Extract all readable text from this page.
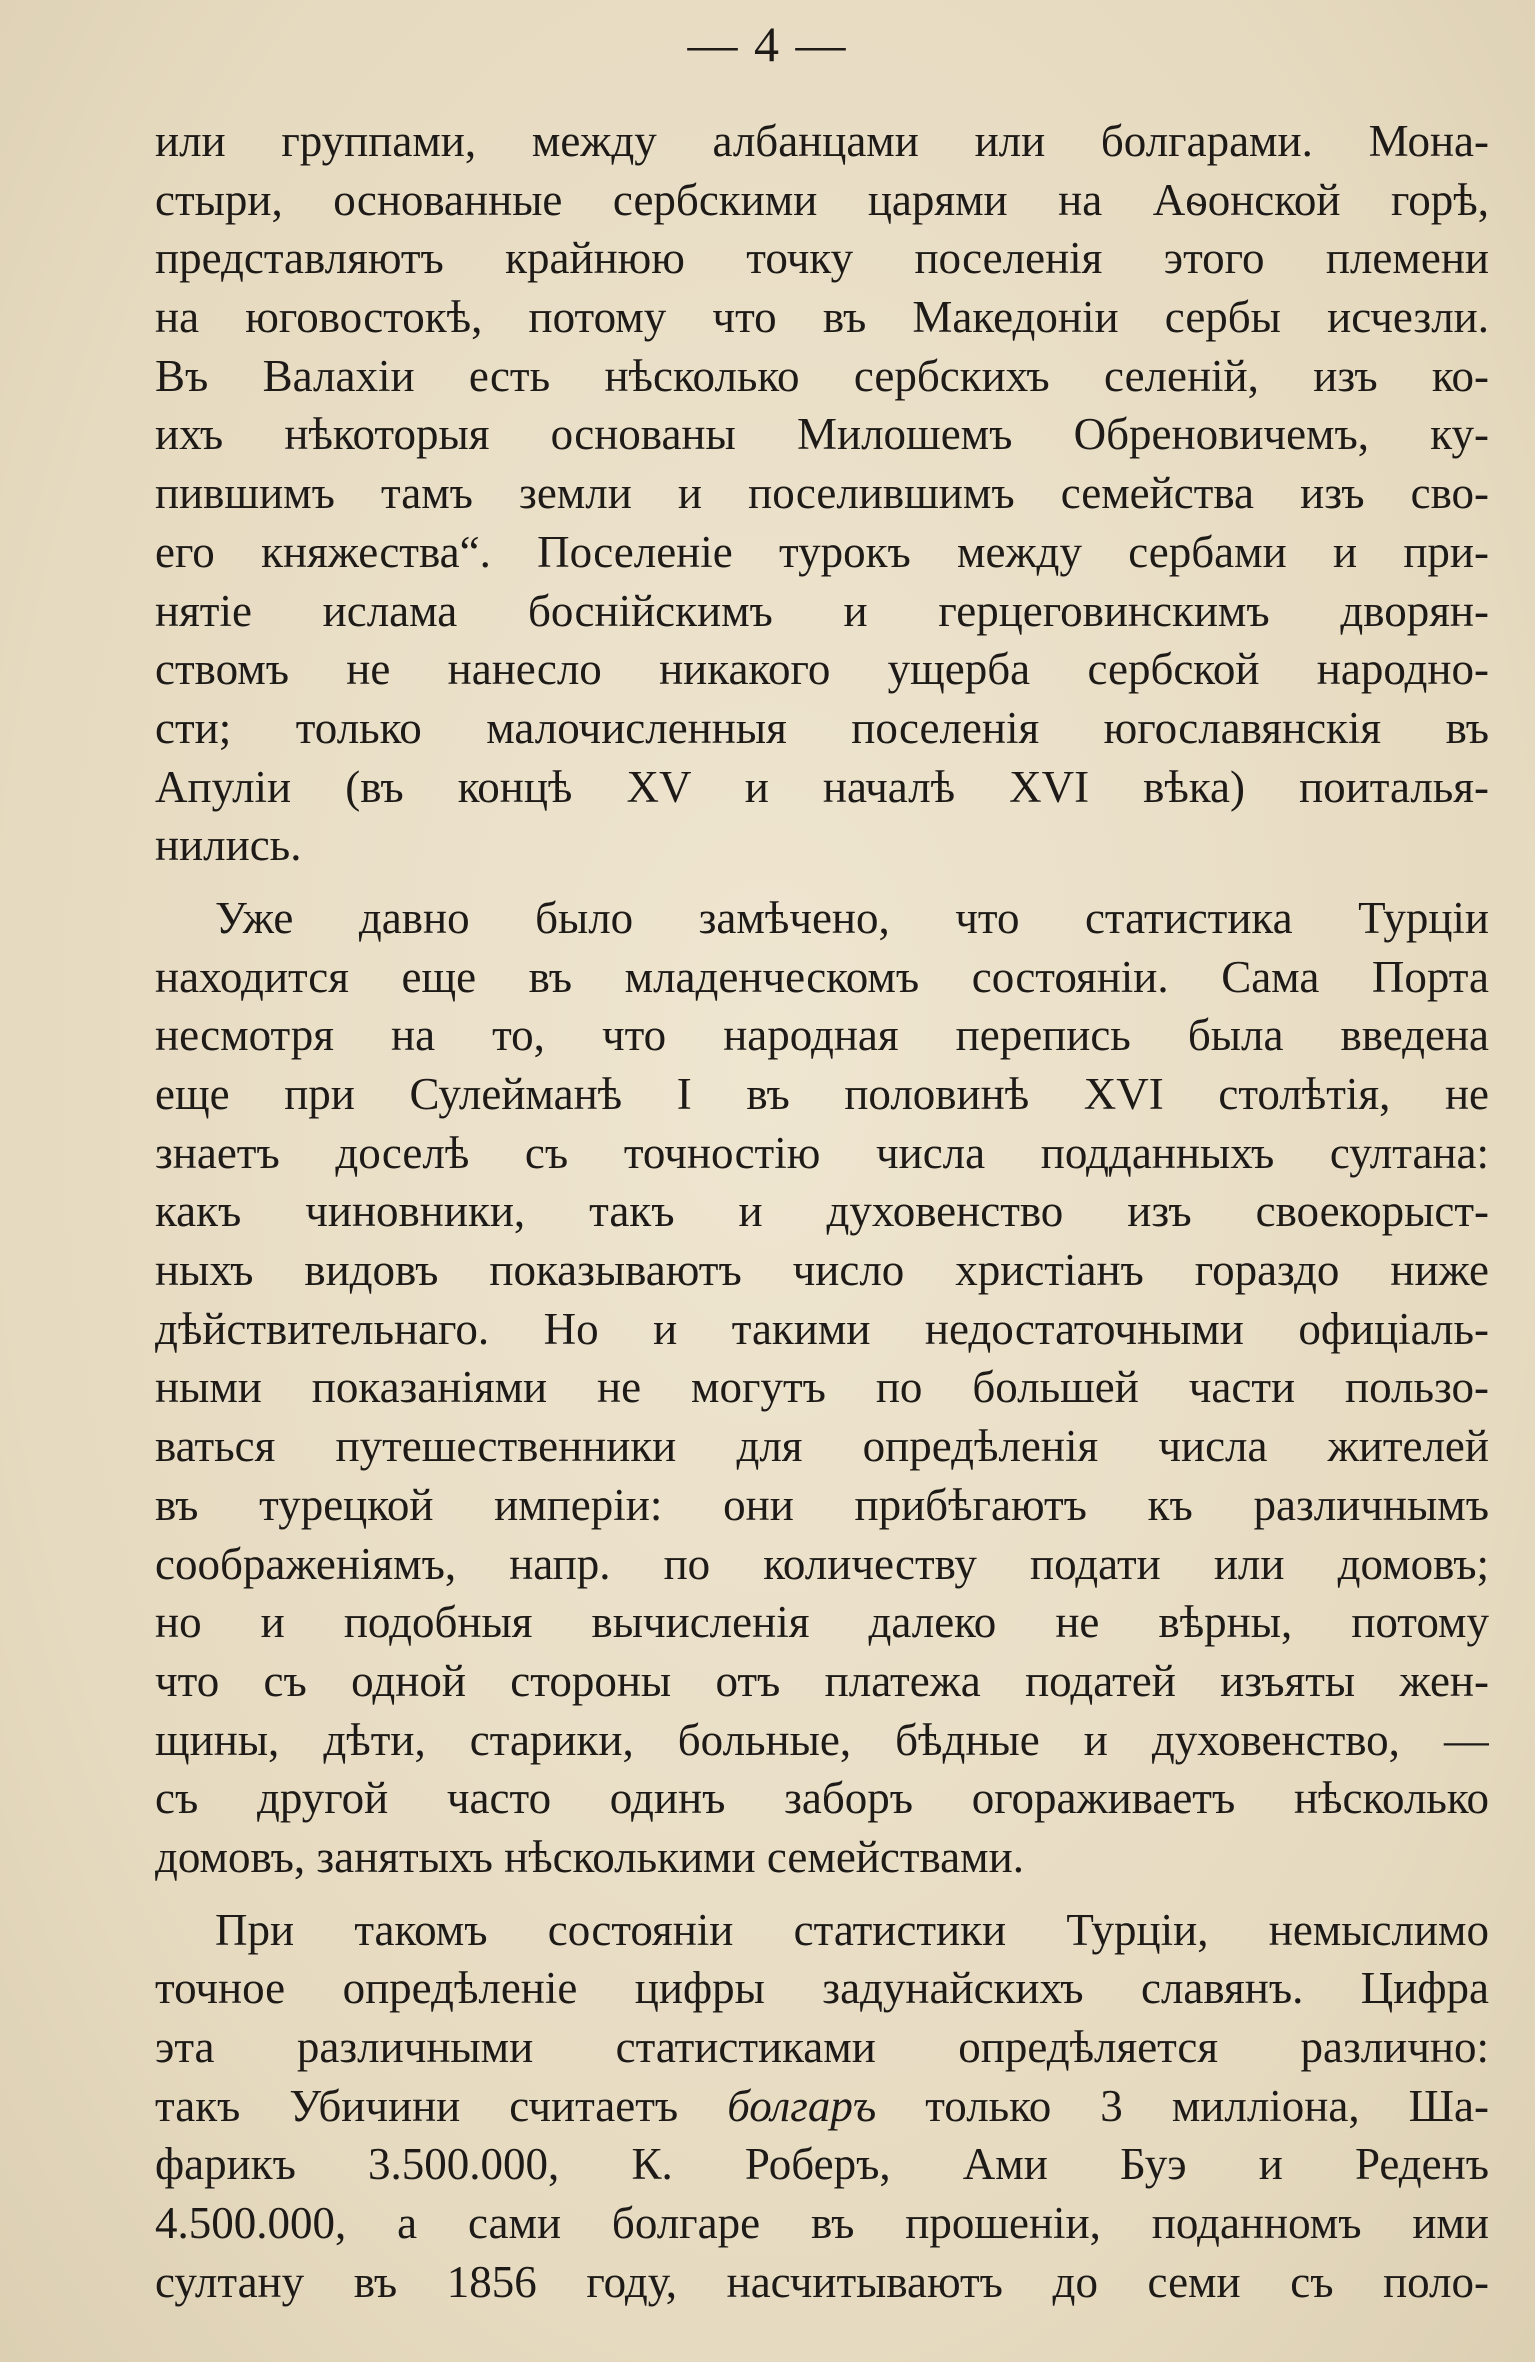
— 4 —
или группами, между албанцами или болгарами. Мона-
стыри, основанные сербскими царями на Аѳонской горѣ,
представляютъ крайнюю точку поселенія этого племени
на юговостокѣ, потому что въ Македоніи сербы исчезли.
Въ Валахіи есть нѣсколько сербскихъ селеній, изъ ко-
ихъ нѣкоторыя основаны Милошемъ Обреновичемъ, ку-
пившимъ тамъ земли и поселившимъ семейства изъ сво-
его княжества“. Поселеніе турокъ между сербами и при-
нятіе ислама боснійскимъ и герцеговинскимъ дворян-
ствомъ не нанесло никакого ущерба сербской народно-
сти; только малочисленныя поселенія югославянскія въ
Апуліи (въ концѣ XV и началѣ XVI вѣка) поиталья-
нились.
Уже давно было замѣчено, что статистика Турціи
находится еще въ младенческомъ состояніи. Сама Порта
несмотря на то, что народная перепись была введена
еще при Сулейманѣ I въ половинѣ XVI столѣтія, не
знаетъ доселѣ съ точностію числа подданныхъ султана:
какъ чиновники, такъ и духовенство изъ своекорыст-
ныхъ видовъ показываютъ число христіанъ гораздо ниже
дѣйствительнаго. Но и такими недостаточными офиціаль-
ными показаніями не могутъ по большей части пользо-
ваться путешественники для опредѣленія числа жителей
въ турецкой имперіи: они прибѣгаютъ къ различнымъ
соображеніямъ, напр. по количеству подати или домовъ;
но и подобныя вычисленія далеко не вѣрны, потому
что съ одной стороны отъ платежа податей изъяты жен-
щины, дѣти, старики, больные, бѣдные и духовенство, —
съ другой часто одинъ заборъ огораживаетъ нѣсколько
домовъ, занятыхъ нѣсколькими семействами.
При такомъ состояніи статистики Турціи, немыслимо
точное опредѣленіе цифры задунайскихъ славянъ. Цифра
эта различными статистиками опредѣляется различно:
такъ Убичини считаетъ болгаръ только 3 милліона, Ша-
фарикъ 3.500.000, К. Роберъ, Ами Буэ и Реденъ
4.500.000, а сами болгаре въ прошеніи, поданномъ ими
султану въ 1856 году, насчитываютъ до семи съ поло-
